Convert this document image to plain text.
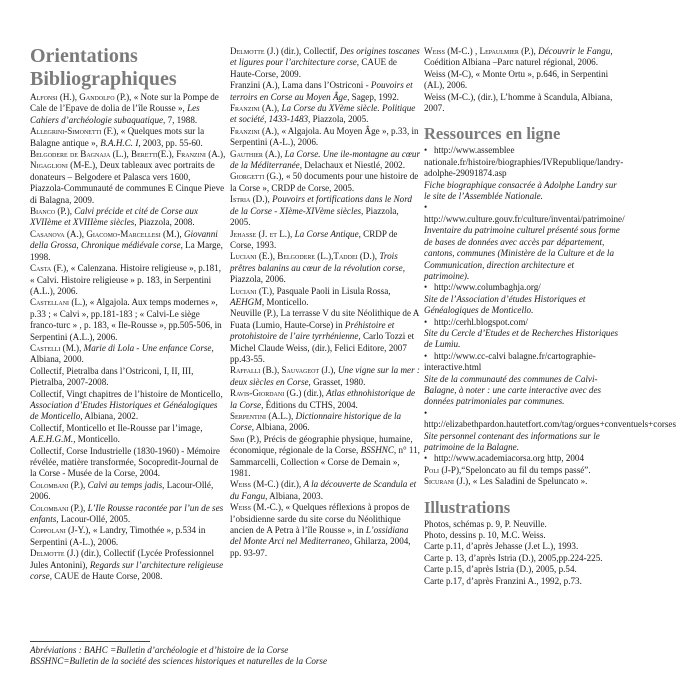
Orientations
Bibliographiques
Alfonsi (H.), Gandolfo (P.), « Note sur la Pompe de Cale de l’Epave de dolia de l’île Rousse », Les Cahiers d’archéologie subaquatique, 7, 1988.
Allegrini-Simonetti (F.), « Quelques mots sur la Balagne antique », B.A.H.C. I, 2003, pp. 55-60.
Belgodere de Bagnaja (L.), Beretti(E.), Franzini (A.), Nigaglioni (M-E.), Deux tableaux avec portraits de donateurs – Belgodere et Palasca vers 1600, Piazzola-Communauté de communes E Cinque Pieve di Balagna, 2009.
Bianco (P.), Calvi précide et cité de Corse aux XVIIème et XVIIIème siècles, Piazzola, 2008.
Casanova (A.), Giacomo-Marcellesi (M.), Giovanni della Grossa, Chronique médiévale corse, La Marge, 1998.
Casta (F.), « Calenzana. Histoire religieuse », p.181, « Calvi. Histoire religieuse » p. 183, in Serpentini (A.L.), 2006.
Castellani (L.), « Algajola. Aux temps modernes », p.33 ; « Calvi », pp.181-183 ; « Calvi-Le siège franco-turc » , p. 183, « Ile-Rousse », pp.505-506, in Serpentini (A.L.), 2006.
Castelli (M.), Marie di Lola - Une enfance Corse, Albiana, 2000.
Collectif, Pietralba dans l’Ostriconi, I, II, III, Pietralba, 2007-2008.
Collectif, Vingt chapitres de l’histoire de Monticello, Association d’Etudes Historiques et Généalogiques de Monticello, Albiana, 2002.
Collectif, Monticello et Ile-Rousse par l’image, A.E.H.G.M., Monticello.
Collectif, Corse Industrielle (1830-1960) - Mémoire révélée, matière transformée, Socopredit-Journal de la Corse - Musée de la Corse, 2004.
Colombani (P.), Calvi au temps jadis, Lacour-Ollé, 2006.
Colombani (P.), L’Ile Rousse racontée par l’un de ses enfants, Lacour-Ollé, 2005.
Coppolani (J-Y.), « Landry, Timothée », p.534 in Serpentini (A-L.), 2006.
Delmotte (J.) (dir.), Collectif (Lycée Professionnel Jules Antonini), Regards sur l’architecture religieuse corse, CAUE de Haute Corse, 2008.
Delmotte (J.) (dir.), Collectif, Des origines toscanes et ligures pour l’architecture corse, CAUE de Haute-Corse, 2009.
Franzini (A.), Lama dans l’Ostriconi - Pouvoirs et terroirs en Corse au Moyen Âge, Sagep, 1992.
Franzini (A.), La Corse du XVème siècle. Politique et société, 1433-1483, Piazzola, 2005.
Franzini (A.), « Algajola. Au Moyen Âge », p.33, in Serpentini (A-L.), 2006.
Gauthier (A.), La Corse. Une ile-montagne au cœur de la Méditerranée, Delachaux et Niestlé, 2002.
Giorgetti (G.), « 50 documents pour une histoire de la Corse », CRDP de Corse, 2005.
Istria (D.), Pouvoirs et fortifications dans le Nord de la Corse - XIème-XIVème siècles, Piazzola, 2005.
Jehasse (J. et L.), La Corse Antique, CRDP de Corse, 1993.
Luciani (E.), Belgodere (L.),Taddei (D.), Trois prêtres balanins au cœur de la révolution corse, Piazzola, 2006.
Luciani (T.), Pasquale Paoli in Lisula Rossa, AEHGM, Monticello.
Neuville (P.), La terrasse V du site Néolithique de A Fuata (Lumio, Haute-Corse) in Préhistoire et protohistoire de l’aire tyrrhénienne, Carlo Tozzi et Michel Claude Weiss, (dir.), Felici Editore, 2007 pp.43-55.
Raffalli (B.), Sauvageot (J.), Une vigne sur la mer : deux siècles en Corse, Grasset, 1980.
Ravis-Giordani (G.) (dir.), Atlas ethnohistorique de la Corse, Éditions du CTHS, 2004.
Serpentini (A.L.), Dictionnaire historique de la Corse, Albiana, 2006.
Simi (P.), Précis de géographie physique, humaine, économique, régionale de la Corse, BSSHNC, n° 11, Sammarcelli, Collection « Corse de Demain », 1981.
Weiss (M-C.) (dir.), A la découverte de Scandula et du Fangu, Albiana, 2003.
Weiss (M.-C.), « Quelques réflexions à propos de l’obsidienne sarde du site corse du Néolithique ancien de A Petra à l’île Rousse », in L’ossidiana del Monte Arci nel Mediterraneo, Ghilarza, 2004, pp. 93-97.
Weiss (M-C.) , Lepaulmier (P.), Découvrir le Fangu, Coédition Albiana –Parc naturel régional, 2006.
Weiss (M-C), « Monte Ortu », p.646, in Serpentini (AL), 2006.
Weiss (M-C.), (dir.), L’homme à Scandula, Albiana, 2007.
Ressources en ligne
• http://www.assemblee nationale.fr/histoire/biographies/IVRepublique/landry-adolphe-29091874.asp
Fiche biographique consacrée à Adolphe Landry sur le site de l’Assemblée Nationale.
•http://www.culture.gouv.fr/culture/inventai/patrimoine/
Inventaire du patrimoine culturel présenté sous forme de bases de données avec accès par département, cantons, communes (Ministère de la Culture et de la Communication, direction architecture et patrimoine).
• http://www.columbaghja.org/
Site de l’Association d’études Historiques et Généalogiques de Monticello.
• http://cerhl.blogspot.com/
Site du Cercle d’Etudes et de Recherches Historiques de Lumiu.
• http://www.cc-calvi balagne.fr/cartographie-interactive.html
Site de la communauté des communes de Calvi-Balagne, à noter : une carte interactive avec des données patrimoniales par communes.
•http://elizabethpardon.hautetfort.com/tag/orgues+conventuels+corses
Site personnel contenant des informations sur le patrimoine de la Balagne.
• http://www.academiacorsa.org http, 2004
Poli (J-P),“Speloncato au fil du temps passé”.
Sicurani (J.), « Les Saladini de Speluncato ».
Illustrations
Photos, schémas p. 9, P. Neuville.
Photo, dessins p. 10, M.C. Weiss.
Carte p.11, d’après Jehasse (J.et L.), 1993.
Carte p. 13, d’après Istria (D.), 2005,pp.224-225.
Carte p.15, d’après Istria (D.), 2005, p.54.
Carte p.17, d’après Franzini A., 1992, p.73.
Abréviations : BAHC =Bulletin d’archéologie et d’histoire de la Corse
BSSHNC=Bulletin de la société des sciences historiques et naturelles de la Corse
